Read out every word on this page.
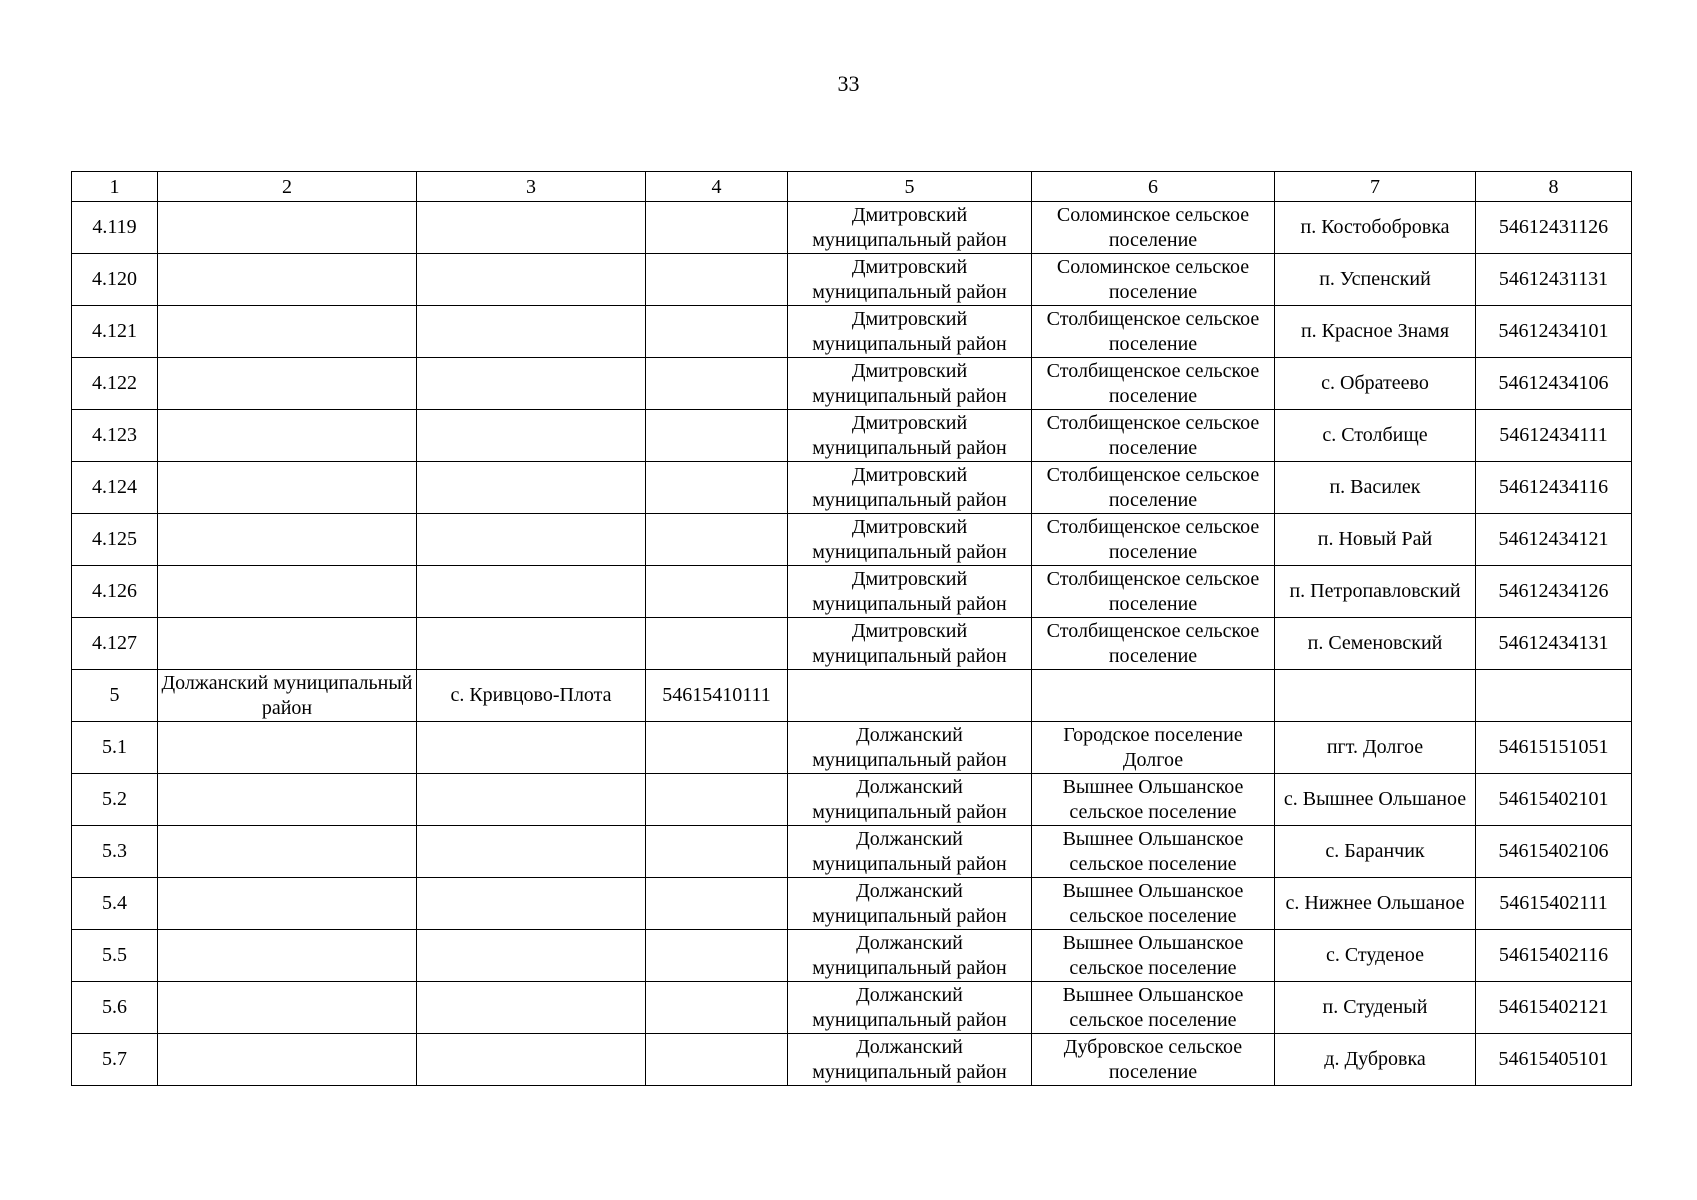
33
1	2	3	4	5	6	7	8

4.119				Дмитровский муниципальный район	Соломинское сельское поселение	п. Костобобровка	54612431126

4.120				Дмитровский муниципальный район	Соломинское сельское поселение	п. Успенский	54612431131

4.121				Дмитровский муниципальный район	Столбищенское сельское поселение	п. Красное Знамя	54612434101

4.122				Дмитровский муниципальный район	Столбищенское сельское поселение	с. Обратеево	54612434106

4.123				Дмитровский муниципальный район	Столбищенское сельское поселение	с. Столбище	54612434111

4.124				Дмитровский муниципальный район	Столбищенское сельское поселение	п. Василек	54612434116

4.125				Дмитровский муниципальный район	Столбищенское сельское поселение	п. Новый Рай	54612434121

4.126				Дмитровский муниципальный район	Столбищенское сельское поселение	п. Петропавловский	54612434126

4.127				Дмитровский муниципальный район	Столбищенское сельское поселение	п. Семеновский	54612434131

5	Должанский муниципальный район	с. Кривцово-Плота	54615410111				

5.1				Должанский муниципальный район	Городское поселение Долгое	пгт. Долгое	54615151051

5.2				Должанский муниципальный район	Вышнее Ольшанское сельское поселение	с. Вышнее Ольшаное	54615402101

5.3				Должанский муниципальный район	Вышнее Ольшанское сельское поселение	с. Баранчик	54615402106

5.4				Должанский муниципальный район	Вышнее Ольшанское сельское поселение	с. Нижнее Ольшаное	54615402111

5.5				Должанский муниципальный район	Вышнее Ольшанское сельское поселение	с. Студеное	54615402116

5.6				Должанский муниципальный район	Вышнее Ольшанское сельское поселение	п. Студеный	54615402121

5.7				Должанский муниципальный район	Дубровское сельское поселение	д. Дубровка	54615405101
